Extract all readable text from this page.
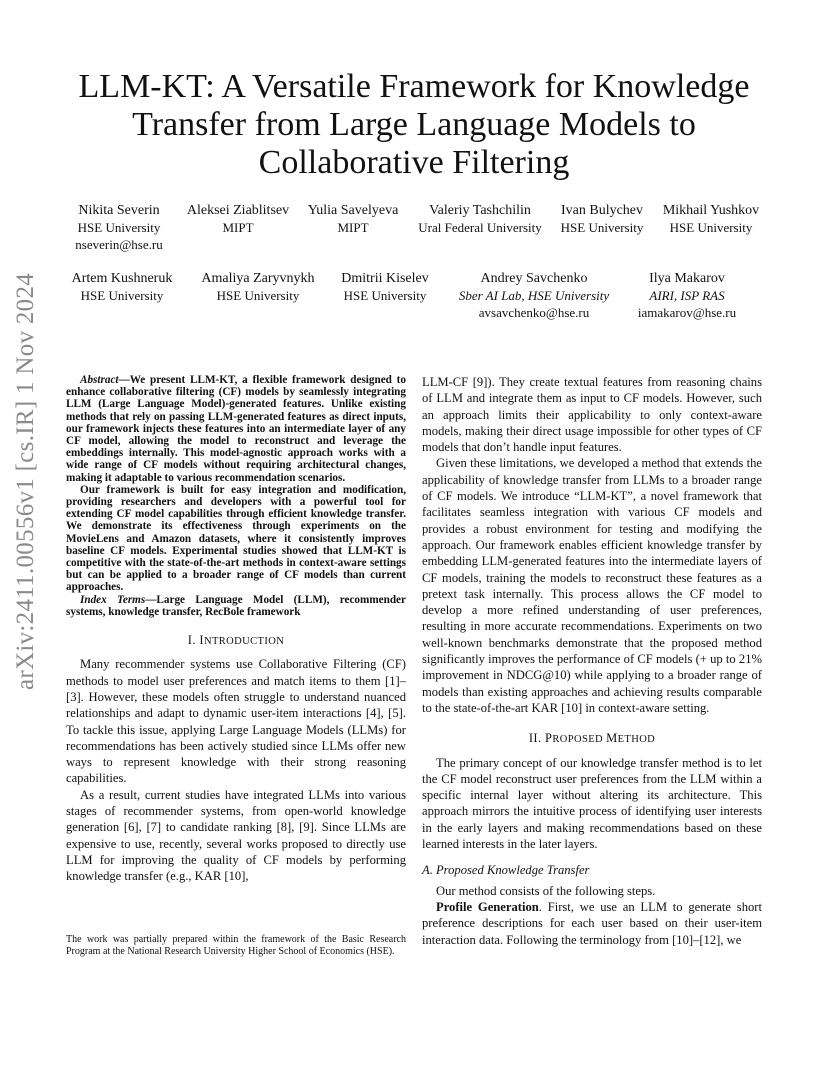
arXiv:2411.00556v1 [cs.IR] 1 Nov 2024
LLM-KT: A Versatile Framework for Knowledge Transfer from Large Language Models to Collaborative Filtering
Nikita Severin
HSE University
nseverin@hse.ru
Aleksei Ziablitsev
MIPT
Yulia Savelyeva
MIPT
Valeriy Tashchilin
Ural Federal University
Ivan Bulychev
HSE University
Mikhail Yushkov
HSE University
Artem Kushneruk
HSE University
Amaliya Zaryvnykh
HSE University
Dmitrii Kiselev
HSE University
Andrey Savchenko
Sber AI Lab, HSE University
avsavchenko@hse.ru
Ilya Makarov
AIRI, ISP RAS
iamakarov@hse.ru

Abstract—We present LLM-KT, a flexible framework designed to enhance collaborative filtering (CF) models by seamlessly integrating LLM (Large Language Model)-generated features. Unlike existing methods that rely on passing LLM-generated features as direct inputs, our framework injects these features into an intermediate layer of any CF model, allowing the model to reconstruct and leverage the embeddings internally. This model-agnostic approach works with a wide range of CF models without requiring architectural changes, making it adaptable to various recommendation scenarios.

Our framework is built for easy integration and modification, providing researchers and developers with a powerful tool for extending CF model capabilities through efficient knowledge transfer. We demonstrate its effectiveness through experiments on the MovieLens and Amazon datasets, where it consistently improves baseline CF models. Experimental studies showed that LLM-KT is competitive with the state-of-the-art methods in context-aware settings but can be applied to a broader range of CF models than current approaches.

Index Terms—Large Language Model (LLM), recommender systems, knowledge transfer, RecBole framework

I. INTRODUCTION

Many recommender systems use Collaborative Filtering (CF) methods to model user preferences and match items to them [1]–[3]. However, these models often struggle to understand nuanced relationships and adapt to dynamic user-item interactions [4], [5]. To tackle this issue, applying Large Language Models (LLMs) for recommendations has been actively studied since LLMs offer new ways to represent knowledge with their strong reasoning capabilities.

As a result, current studies have integrated LLMs into various stages of recommender systems, from open-world knowledge generation [6], [7] to candidate ranking [8], [9]. Since LLMs are expensive to use, recently, several works proposed to directly use LLM for improving the quality of CF models by performing knowledge transfer (e.g., KAR [10],

The work was partially prepared within the framework of the Basic Research Program at the National Research University Higher School of Economics (HSE).

LLM-CF [9]). They create textual features from reasoning chains of LLM and integrate them as input to CF models. However, such an approach limits their applicability to only context-aware models, making their direct usage impossible for other types of CF models that don’t handle input features.

Given these limitations, we developed a method that extends the applicability of knowledge transfer from LLMs to a broader range of CF models. We introduce “LLM-KT”, a novel framework that facilitates seamless integration with various CF models and provides a robust environment for testing and modifying the approach. Our framework enables efficient knowledge transfer by embedding LLM-generated features into the intermediate layers of CF models, training the models to reconstruct these features as a pretext task internally. This process allows the CF model to develop a more refined understanding of user preferences, resulting in more accurate recommendations. Experiments on two well-known benchmarks demonstrate that the proposed method significantly improves the performance of CF models (+ up to 21% improvement in NDCG@10) while applying to a broader range of models than existing approaches and achieving results comparable to the state-of-the-art KAR [10] in context-aware setting.

II. PROPOSED METHOD

The primary concept of our knowledge transfer method is to let the CF model reconstruct user preferences from the LLM within a specific internal layer without altering its architecture. This approach mirrors the intuitive process of identifying user interests in the early layers and making recommendations based on these learned interests in the later layers.

A. Proposed Knowledge Transfer

Our method consists of the following steps.

Profile Generation. First, we use an LLM to generate short preference descriptions for each user based on their user-item interaction data. Following the terminology from [10]–[12], we
